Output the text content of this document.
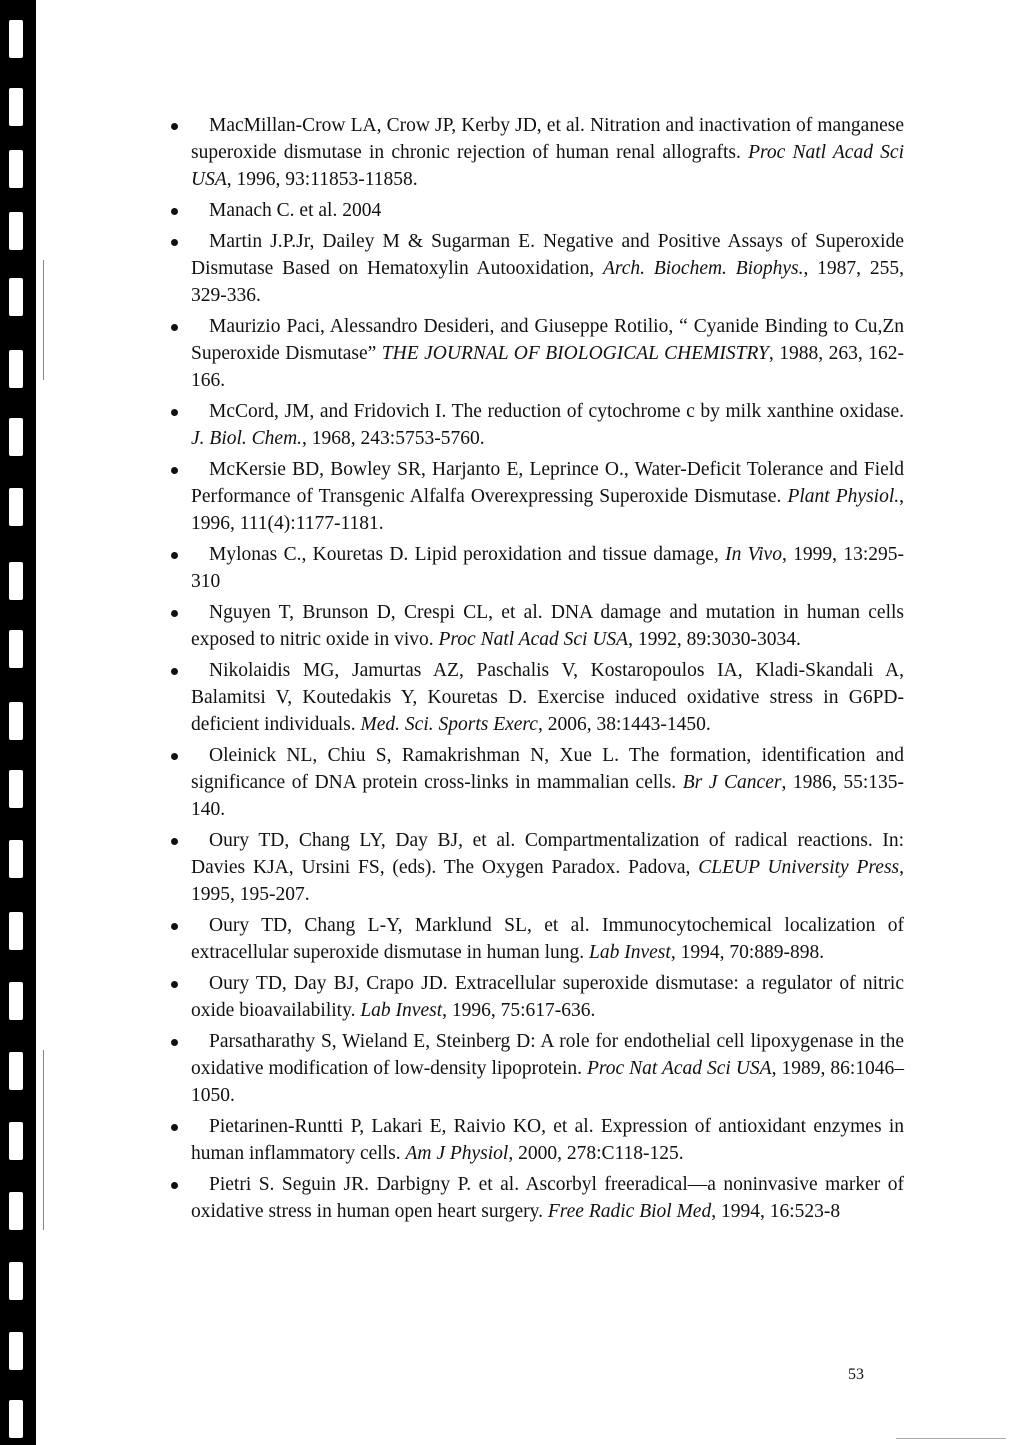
MacMillan-Crow LA, Crow JP, Kerby JD, et al. Nitration and inactivation of manganese superoxide dismutase in chronic rejection of human renal allografts. Proc Natl Acad Sci USA, 1996, 93:11853-11858.
Manach C. et al. 2004
Martin J.P.Jr, Dailey M & Sugarman E. Negative and Positive Assays of Superoxide Dismutase Based on Hematoxylin Autooxidation, Arch. Biochem. Biophys., 1987, 255, 329-336.
Maurizio Paci, Alessandro Desideri, and Giuseppe Rotilio, “ Cyanide Binding to Cu,Zn Superoxide Dismutase” THE JOURNAL OF BIOLOGICAL CHEMISTRY, 1988, 263, 162-166.
McCord, JM, and Fridovich I. The reduction of cytochrome c by milk xanthine oxidase. J. Biol. Chem., 1968, 243:5753-5760.
McKersie BD, Bowley SR, Harjanto E, Leprince O., Water-Deficit Tolerance and Field Performance of Transgenic Alfalfa Overexpressing Superoxide Dismutase. Plant Physiol., 1996, 111(4):1177-1181.
Mylonas C., Kouretas D. Lipid peroxidation and tissue damage, In Vivo, 1999, 13:295-310
Nguyen T, Brunson D, Crespi CL, et al. DNA damage and mutation in human cells exposed to nitric oxide in vivo. Proc Natl Acad Sci USA, 1992, 89:3030-3034.
Nikolaidis MG, Jamurtas AZ, Paschalis V, Kostaropoulos IA, Kladi-Skandali A, Balamitsi V, Koutedakis Y, Kouretas D. Exercise induced oxidative stress in G6PD-deficient individuals. Med. Sci. Sports Exerc, 2006, 38:1443-1450.
Oleinick NL, Chiu S, Ramakrishman N, Xue L. The formation, identification and significance of DNA protein cross-links in mammalian cells. Br J Cancer, 1986, 55:135-140.
Oury TD, Chang LY, Day BJ, et al. Compartmentalization of radical reactions. In: Davies KJA, Ursini FS, (eds). The Oxygen Paradox. Padova, CLEUP University Press, 1995, 195-207.
Oury TD, Chang L-Y, Marklund SL, et al. Immunocytochemical localization of extracellular superoxide dismutase in human lung. Lab Invest, 1994, 70:889-898.
Oury TD, Day BJ, Crapo JD. Extracellular superoxide dismutase: a regulator of nitric oxide bioavailability. Lab Invest, 1996, 75:617-636.
Parsatharathy S, Wieland E, Steinberg D: A role for endothelial cell lipoxygenase in the oxidative modification of low-density lipoprotein. Proc Nat Acad Sci USA, 1989, 86:1046–1050.
Pietarinen-Runtti P, Lakari E, Raivio KO, et al. Expression of antioxidant enzymes in human inflammatory cells. Am J Physiol, 2000, 278:C118-125.
Pietri S. Seguin JR. Darbigny P. et al. Ascorbyl freeradical—a noninvasive marker of oxidative stress in human open heart surgery. Free Radic Biol Med, 1994, 16:523-8
53
